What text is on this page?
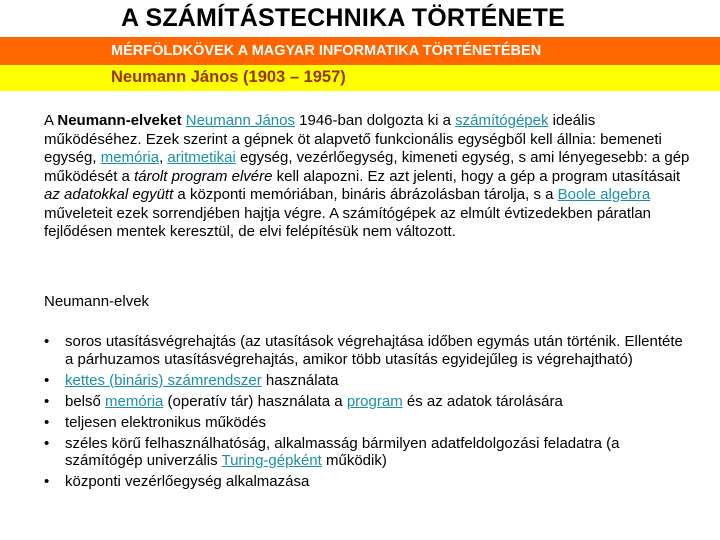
A SZÁMÍTÁSTECHNIKA TÖRTÉNETE
MÉRFÖLDKÖVEK A MAGYAR INFORMATIKA TÖRTÉNETÉBEN
Neumann János (1903 – 1957)
A Neumann-elveket Neumann János 1946-ban dolgozta ki a számítógépek ideális működéséhez. Ezek szerint a gépnek öt alapvető funkcionális egységből kell állnia: bemeneti egység, memória, aritmetikai egység, vezérlőegység, kimeneti egység, s ami lényegesebb: a gép működését a tárolt program elvére kell alapozni. Ez azt jelenti, hogy a gép a program utasításait az adatokkal együtt a központi memóriában, bináris ábrázolásban tárolja, s a Boole algebra műveleteit ezek sorrendjében hajtja végre. A számítógépek az elmúlt évtizedekben páratlan fejlődésen mentek keresztül, de elvi felépítésük nem változott.
Neumann-elvek
• soros utasításvégrehajtás (az utasítások végrehajtása időben egymás után történik. Ellentéte a párhuzamos utasításvégrehajtás, amikor több utasítás egyidejűleg is végrehajtható)
• kettes (bináris) számrendszer használata
• belső memória (operatív tár) használata a program és az adatok tárolására
• teljesen elektronikus működés
• széles körű felhasználhatóság, alkalmasság bármilyen adatfeldolgozási feladatra (a számítógép univerzális Turing-gépként működik)
• központi vezérlőegység alkalmazása
